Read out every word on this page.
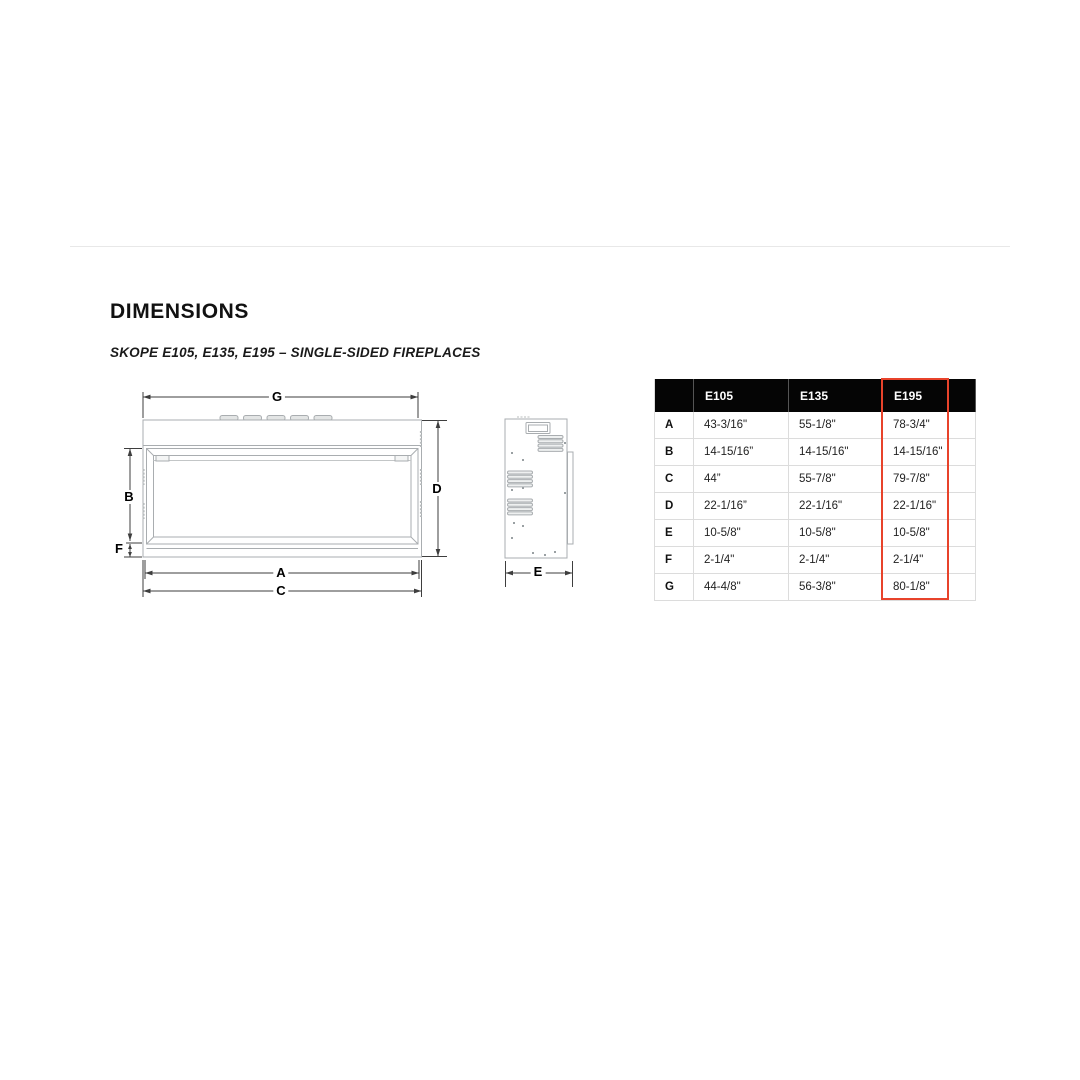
DIMENSIONS
SKOPE E105, E135, E195 – SINGLE-SIDED FIREPLACES
G
B
F
D
A
C
E
	E105	E135	E195	
A	43-3/16"	55-1/8"	78-3/4"	
B	14-15/16”	14-15/16"	14-15/16"	
C	44”	55-7/8"	79-7/8"	
D	22-1/16”	22-1/16"	22-1/16"	
E	10-5/8"	10-5/8"	10-5/8"	
F	2-1/4"	2-1/4"	2-1/4"	
G	44-4/8"	56-3/8"	80-1/8"	
